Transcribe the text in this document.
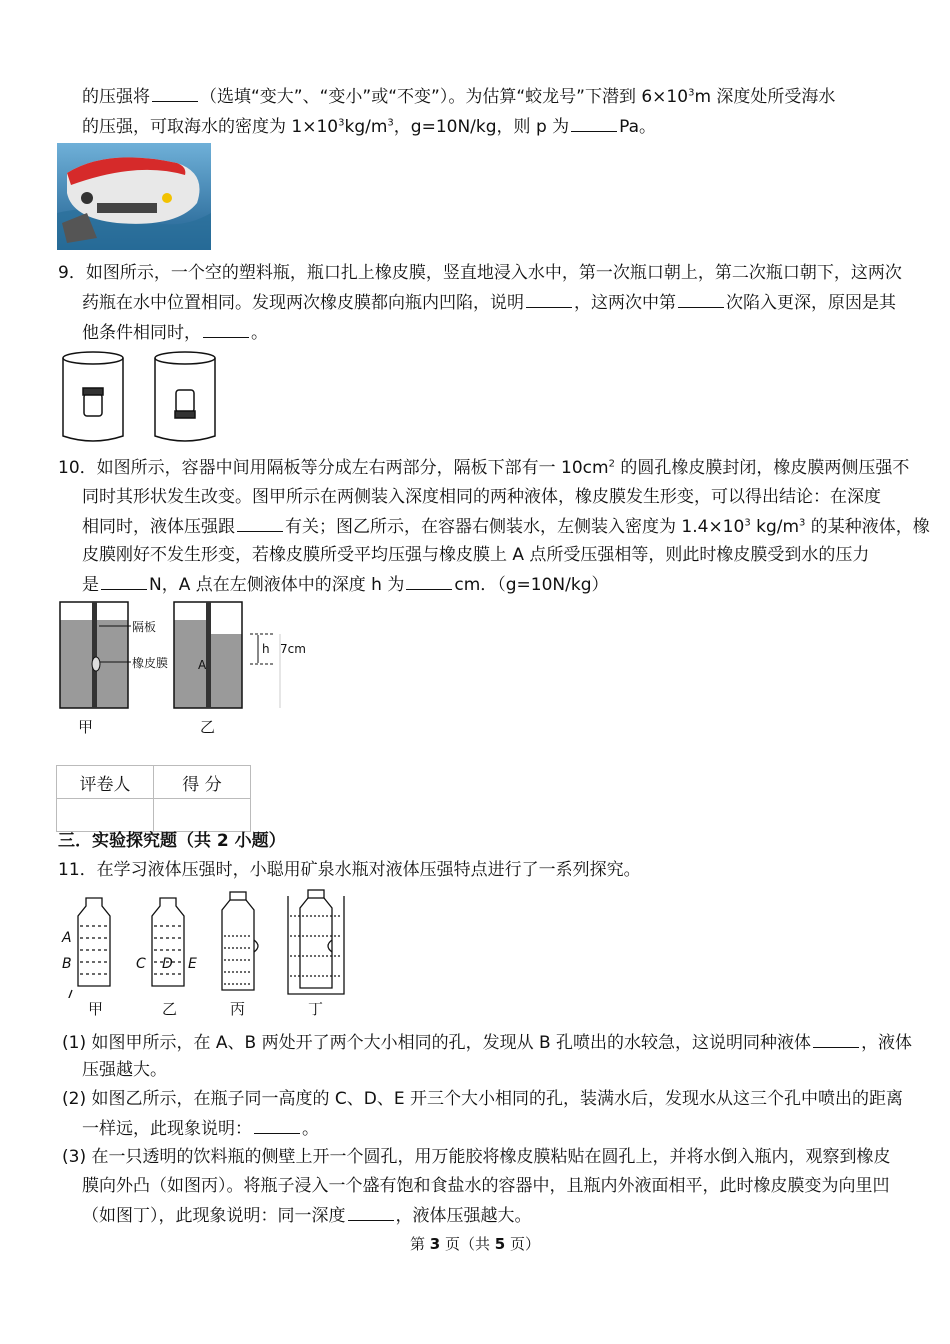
的压强将	（选填“变大”、“变小”或“不变”）。为估算“蛟龙号”下潜到 $6\times 10^3m$ 深度处所受海水
的压强，可取海水的密度为 $1\times 10^3kg/m^3$，g=10N/kg，则 p 为	Pa。
9．如图所示，一个空的塑料瓶，瓶口扎上橡皮膜，竖直地浸入水中，第一次瓶口朝上，第二次瓶口朝下，这两次
药瓶在水中位置相同。发现两次橡皮膜都向瓶内凹陷，说明	，这两次中第	次陷入更深，原因是其
他条件相同时，	。
10．如图所示，容器中间用隔板等分成左右两部分，隔板下部有一 $10cm^2$ 的圆孔橡皮膜封闭，橡皮膜两侧压强不
同时其形状发生改变。图甲所示在两侧装入深度相同的两种液体，橡皮膜发生形变，可以得出结论：在深度
相同时，液体压强跟	有关；图乙所示，在容器右侧装水，左侧装入密度为 $1.4\times 10^3$ $kg/m^3$ 的某种液体，橡
皮膜刚好不发生形变，若橡皮膜所受平均压强与橡皮膜上 A 点所受压强相等，则此时橡皮膜受到水的压力
是	N，A 点在左侧液体中的深度 h 为	cm．（g=10N/kg）
隔板
橡皮膜
h
A
7cm
甲	乙
评卷人	得 分

三．实验探究题（共 2 小题）
11．在学习液体压强时，小聪用矿泉水瓶对液体压强特点进行了一系列探究。
A
B	C D E
甲	乙	丙	丁
(1) 如图甲所示，在 A、B 两处开了两个大小相同的孔，发现从 B 孔喷出的水较急，这说明同种液体	，液体
压强越大。
(2) 如图乙所示，在瓶子同一高度的 C、D、E 开三个大小相同的孔，装满水后，发现水从这三个孔中喷出的距离
一样远，此现象说明：	。
(3) 在一只透明的饮料瓶的侧壁上开一个圆孔，用万能胶将橡皮膜粘贴在圆孔上，并将水倒入瓶内，观察到橡皮
膜向外凸（如图丙）。将瓶子浸入一个盛有饱和食盐水的容器中，且瓶内外液面相平，此时橡皮膜变为向里凹
（如图丁），此现象说明：同一深度	，液体压强越大。
第 3 页（共 5 页）
